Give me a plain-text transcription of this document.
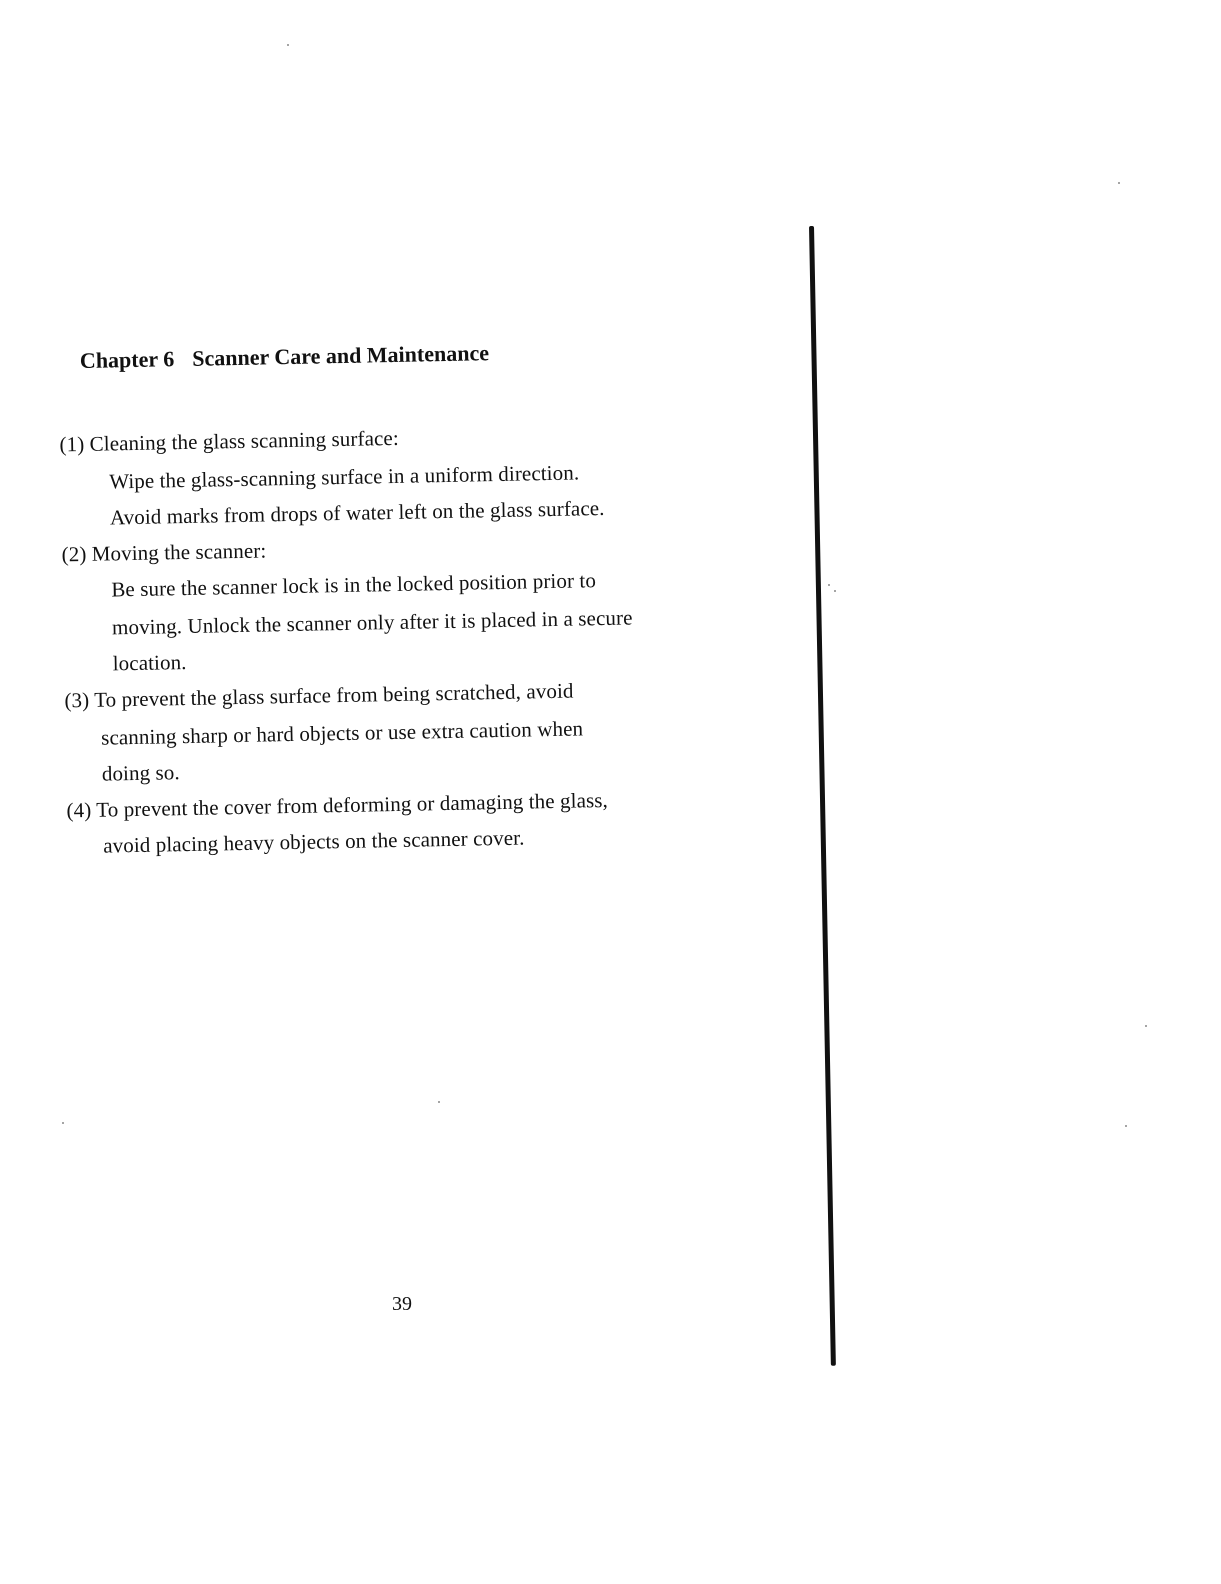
Chapter 6 Scanner Care and Maintenance
(1) Cleaning the glass scanning surface:
Wipe the glass-scanning surface in a uniform direction.
Avoid marks from drops of water left on the glass surface.
(2) Moving the scanner:
Be sure the scanner lock is in the locked position prior to
moving. Unlock the scanner only after it is placed in a secure
location.
(3) To prevent the glass surface from being scratched, avoid
scanning sharp or hard objects or use extra caution when
doing so.
(4) To prevent the cover from deforming or damaging the glass,
avoid placing heavy objects on the scanner cover.
39
